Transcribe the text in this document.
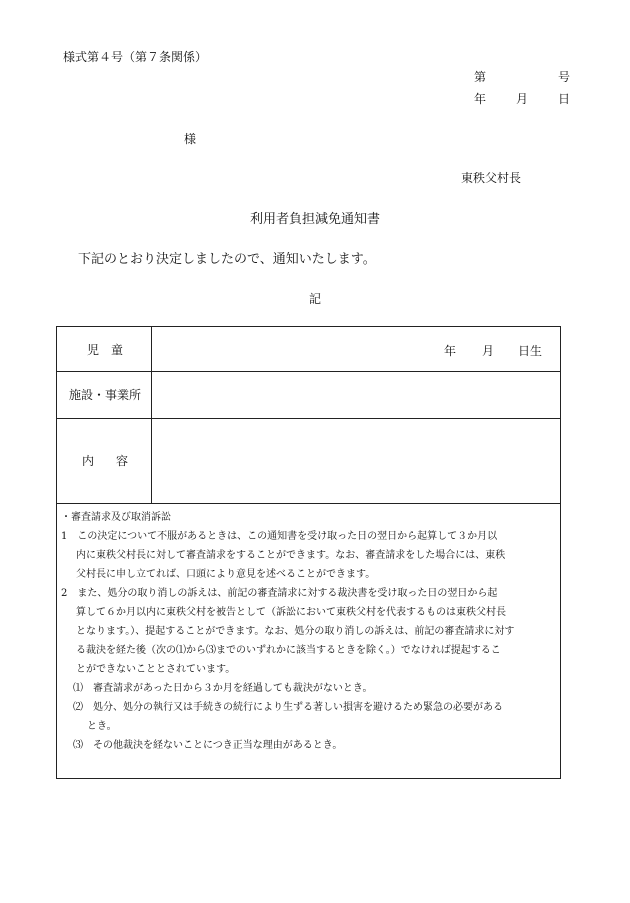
様式第４号（第７条関係）
第	号
年 月 日
様
東秩父村長
利用者負担減免通知書
下記のとおり決定しましたので、通知いたします。
記
児童	年 月 日生
施設・事業所
内容
・審査請求及び取消訴訟
1　この決定について不服があるときは、この通知書を受け取った日の翌日から起算して３か月以
内に東秩父村長に対して審査請求をすることができます。なお、審査請求をした場合には、東秩
父村長に申し立てれば、口頭により意見を述べることができます。
2　また、処分の取り消しの訴えは、前記の審査請求に対する裁決書を受け取った日の翌日から起
算して６か月以内に東秩父村を被告として（訴訟において東秩父村を代表するものは東秩父村長
となります。）、提起することができます。なお、処分の取り消しの訴えは、前記の審査請求に対す
る裁決を経た後（次の⑴から⑶までのいずれかに該当するときを除く。）でなければ提起するこ
とができないこととされています。
⑴　審査請求があった日から３か月を経過しても裁決がないとき。
⑵　処分、処分の執行又は手続きの続行により生ずる著しい損害を避けるため緊急の必要がある
とき。
⑶　その他裁決を経ないことにつき正当な理由があるとき。
